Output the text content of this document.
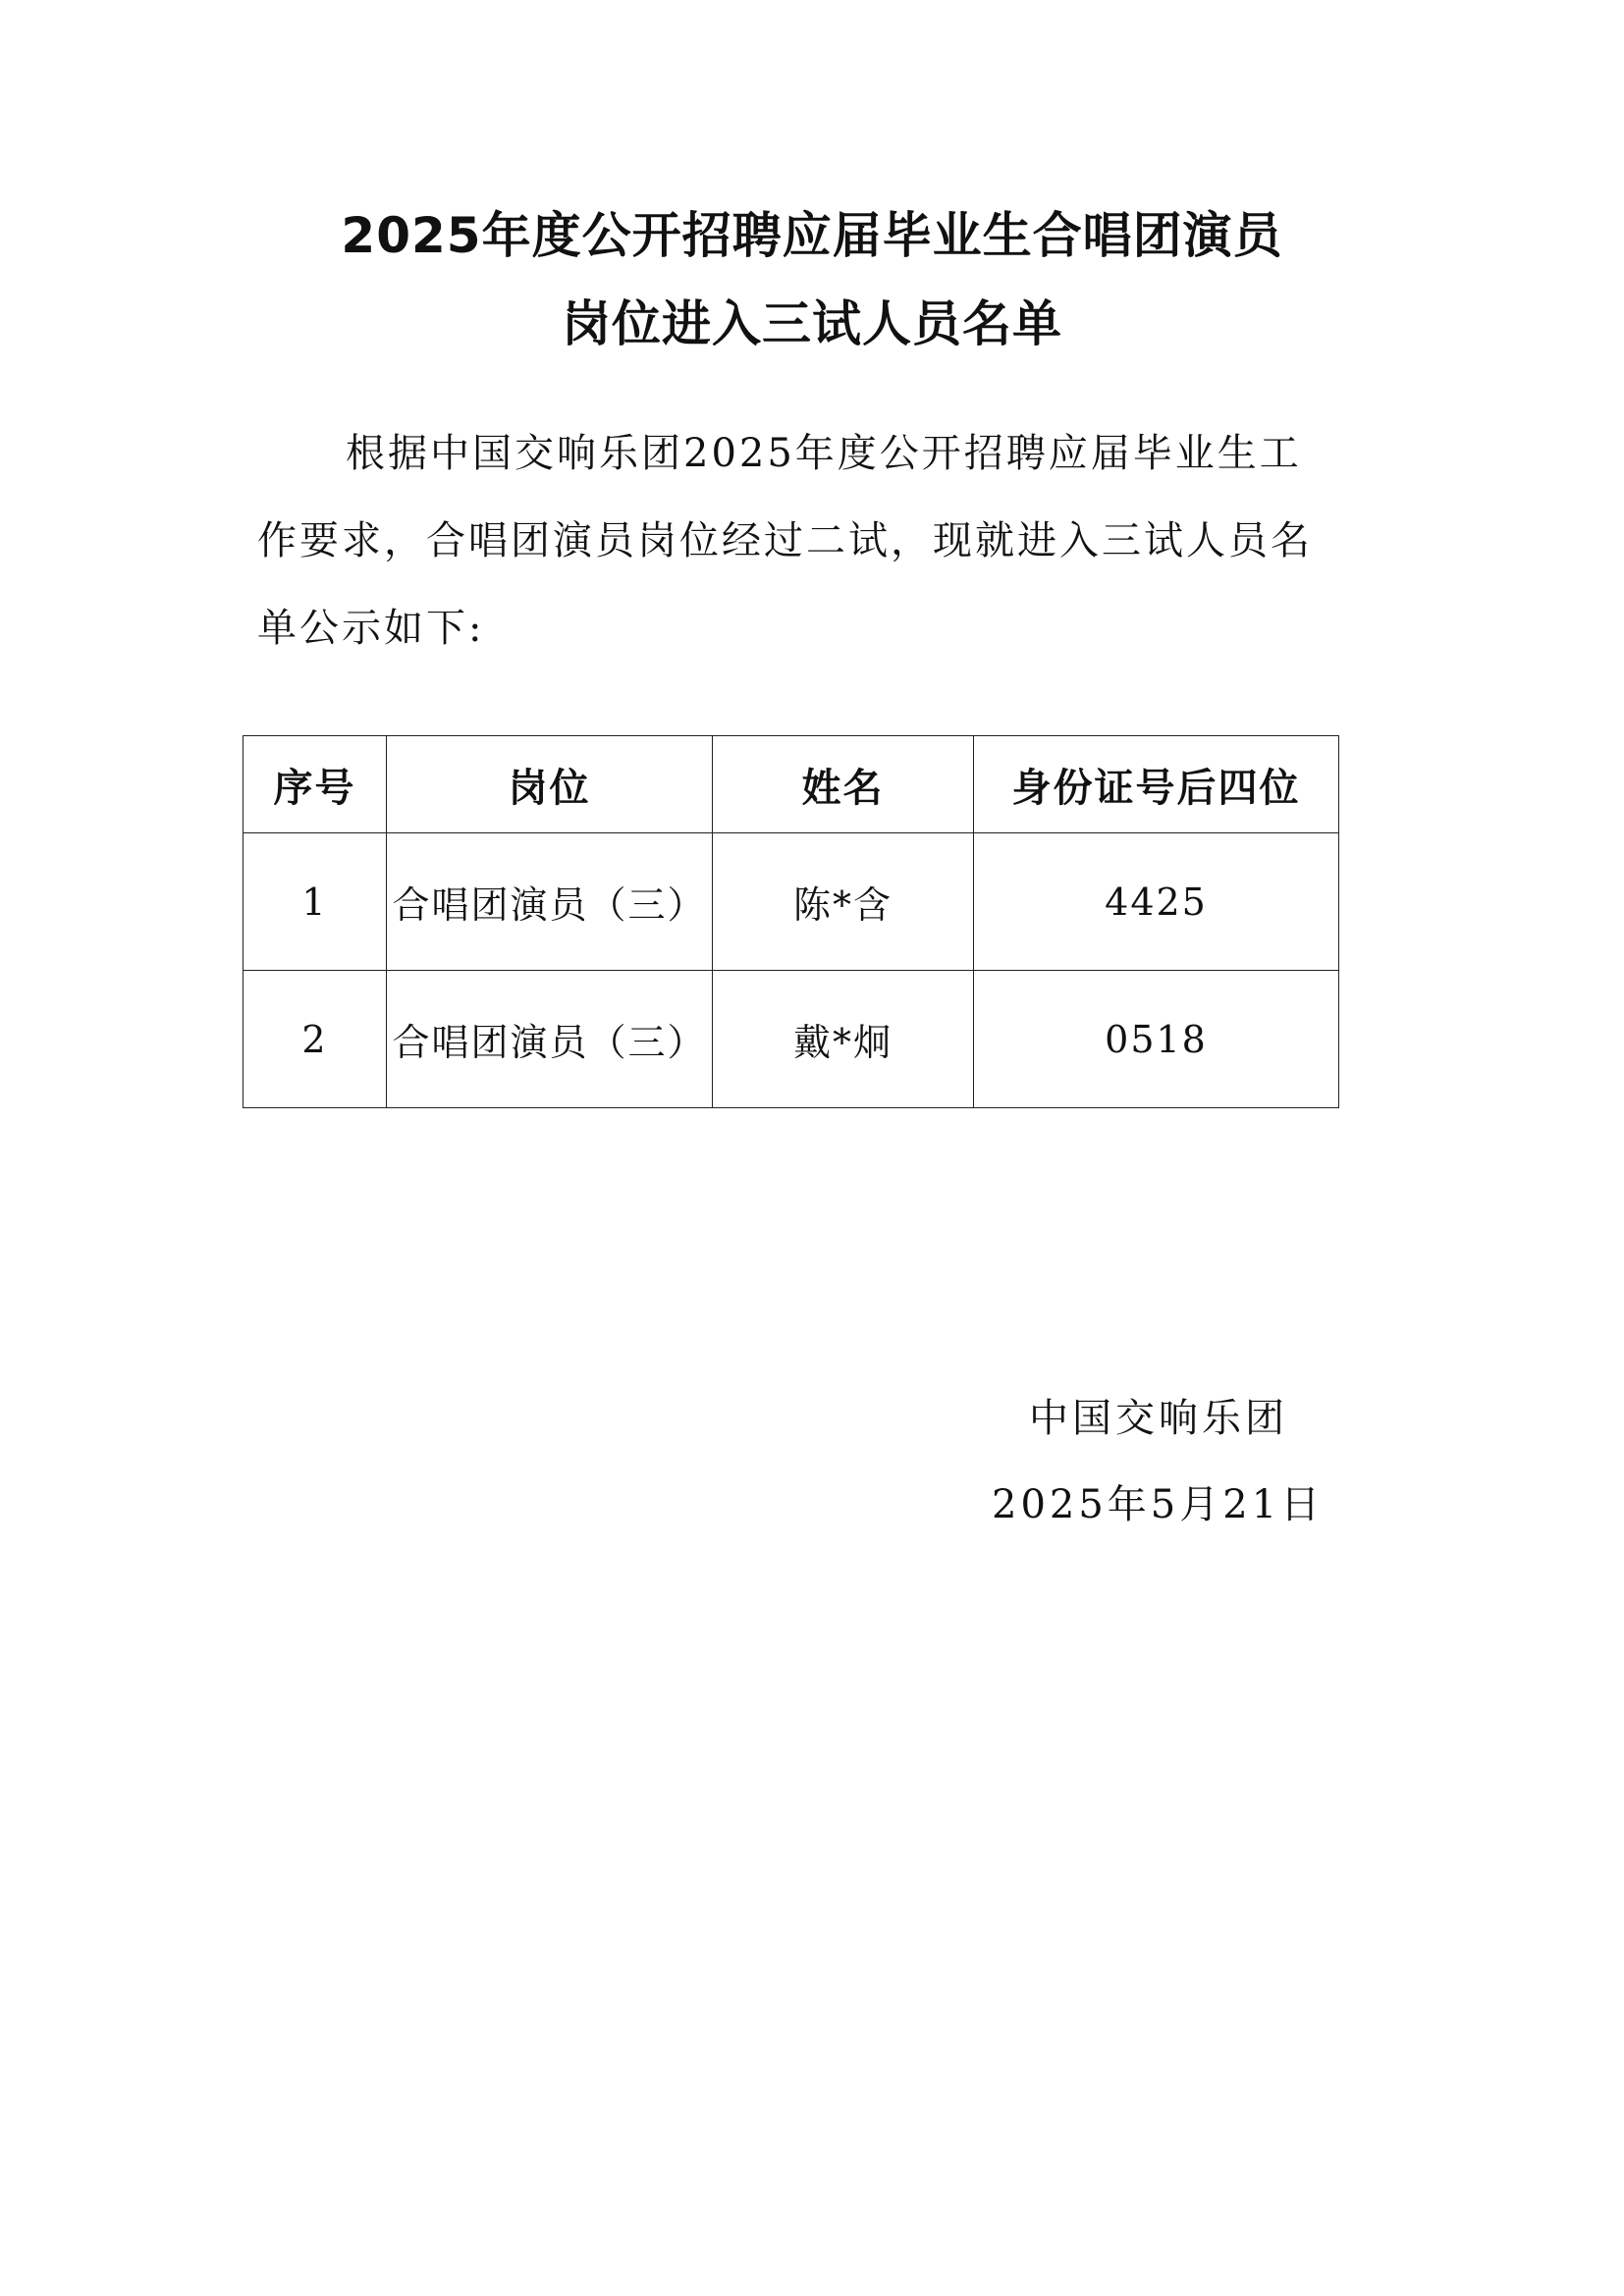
2025年度公开招聘应届毕业生合唱团演员
岗位进入三试人员名单

根据中国交响乐团2025年度公开招聘应届毕业生工作要求，合唱团演员岗位经过二试，现就进入三试人员名单公示如下:

序号	岗位	姓名	身份证号后四位
1	合唱团演员（三）	陈*含	4425
2	合唱团演员（三）	戴*炯	0518
中国交响乐团
2025年5月21日
